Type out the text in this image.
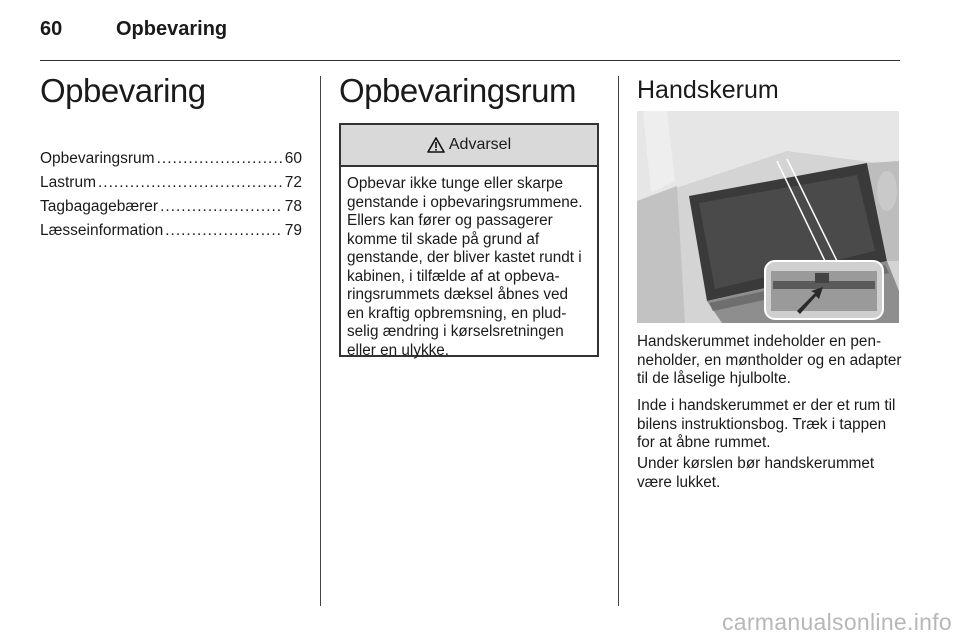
60	Opbevaring
Opbevaring
Opbevaringsrum .....	60
Lastrum .....	72
Tagbagagebærer .....	78
Læsseinformation .....	79
Opbevaringsrum
Advarsel
Opbevar ikke tunge eller skarpe genstande i opbevaringsrummene. Ellers kan fører og passagerer komme til skade på grund af genstande, der bliver kastet rundt i kabinen, i tilfælde af at opbevaringsrummets dæksel åbnes ved en kraftig opbremsning, en pludselig ændring i kørselsretningen eller en ulykke.
Handskerum

Handskerummet indeholder en penneholder, en møntholder og en adapter til de låselige hjulbolte.

Inde i handskerummet er der et rum til bilens instruktionsbog. Træk i tappen for at åbne rummet.

Under kørslen bør handskerummet være lukket.

carmanualsonline.info
